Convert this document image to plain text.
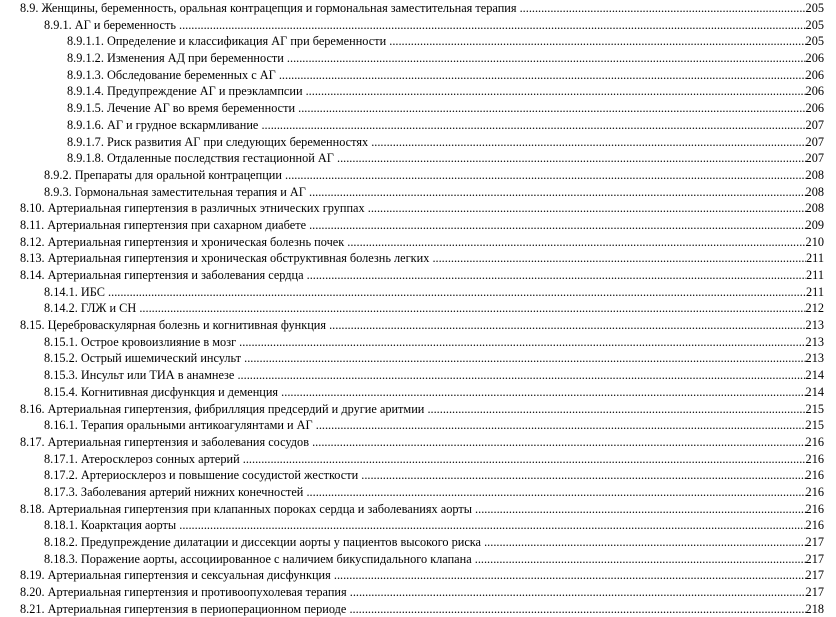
8.9. Женщины, беременность, оральная контрацепция и гормональная заместительная терапия .....	205
8.9.1. АГ и беременность .....	205
8.9.1.1. Определение и классификация АГ при беременности .....	205
8.9.1.2. Изменения АД при беременности .....	206
8.9.1.3. Обследование беременных с АГ .....	206
8.9.1.4. Предупреждение АГ и преэклампсии .....	206
8.9.1.5. Лечение АГ во время беременности .....	206
8.9.1.6. АГ и грудное вскармливание .....	207
8.9.1.7. Риск развития АГ при следующих беременностях .....	207
8.9.1.8. Отдаленные последствия гестационной АГ .....	207
8.9.2. Препараты для оральной контрацепции .....	208
8.9.3. Гормональная заместительная терапия и АГ .....	208
8.10. Артериальная гипертензия в различных этнических группах .....	208
8.11. Артериальная гипертензия при сахарном диабете .....	209
8.12. Артериальная гипертензия и хроническая болезнь почек .....	210
8.13. Артериальная гипертензия и хроническая обструктивная болезнь легких .....	211
8.14. Артериальная гипертензия и заболевания сердца .....	211
8.14.1. ИБС .....	211
8.14.2. ГЛЖ и СН .....	212
8.15. Цереброваскулярная болезнь и когнитивная функция .....	213
8.15.1. Острое кровоизлияние в мозг .....	213
8.15.2. Острый ишемический инсульт .....	213
8.15.3. Инсульт или ТИА в анамнезе .....	214
8.15.4. Когнитивная дисфункция и деменция .....	214
8.16. Артериальная гипертензия, фибрилляция предсердий и другие аритмии .....	215
8.16.1. Терапия оральными антикоагулянтами и АГ .....	215
8.17. Артериальная гипертензия и заболевания сосудов .....	216
8.17.1. Атеросклероз сонных артерий .....	216
8.17.2. Артериосклероз и повышение сосудистой жесткости .....	216
8.17.3. Заболевания артерий нижних конечностей .....	216
8.18. Артериальная гипертензия при клапанных пороках сердца и заболеваниях аорты .....	216
8.18.1. Коарктация аорты .....	216
8.18.2. Предупреждение дилатации и диссекции аорты у пациентов высокого риска .....	217
8.18.3. Поражение аорты, ассоциированное с наличием бикуспидального клапана .....	217
8.19. Артериальная гипертензия и сексуальная дисфункция .....	217
8.20. Артериальная гипертензия и противоопухолевая терапия .....	217
8.21. Артериальная гипертензия в периоперационном периоде .....	218
